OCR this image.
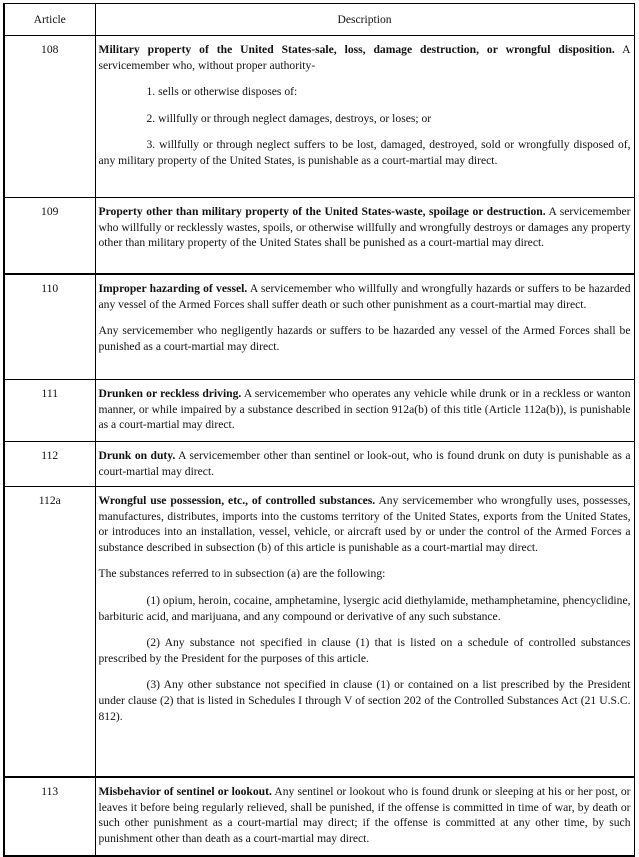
Article	Description
108	Military property of the United States-sale, loss, damage destruction, or wrongful disposition. A servicemember who, without proper authority-

1. sells or otherwise disposes of:

2. willfully or through neglect damages, destroys, or loses; or

3. willfully or through neglect suffers to be lost, damaged, destroyed, sold or wrongfully disposed of, any military property of the United States, is punishable as a court-martial may direct.

109	Property other than military property of the United States-waste, spoilage or destruction. A servicemember who willfully or recklessly wastes, spoils, or otherwise willfully and wrongfully destroys or damages any property other than military property of the United States shall be punished as a court-martial may direct.

110	Improper hazarding of vessel. A servicemember who willfully and wrongfully hazards or suffers to be hazarded any vessel of the Armed Forces shall suffer death or such other punishment as a court-martial may direct.

Any servicemember who negligently hazards or suffers to be hazarded any vessel of the Armed Forces shall be punished as a court-martial may direct.

111	Drunken or reckless driving. A servicemember who operates any vehicle while drunk or in a reckless or wanton manner, or while impaired by a substance described in section 912a(b) of this title (Article 112a(b)), is punishable as a court-martial may direct.

112	Drunk on duty. A servicemember other than sentinel or look-out, who is found drunk on duty is punishable as a court-martial may direct.

112a	Wrongful use possession, etc., of controlled substances. Any servicemember who wrongfully uses, possesses, manufactures, distributes, imports into the customs territory of the United States, exports from the United States, or introduces into an installation, vessel, vehicle, or aircraft used by or under the control of the Armed Forces a substance described in subsection (b) of this article is punishable as a court-martial may direct.

The substances referred to in subsection (a) are the following:

(1) opium, heroin, cocaine, amphetamine, lysergic acid diethylamide, methamphetamine, phencyclidine, barbituric acid, and marijuana, and any compound or derivative of any such substance.

(2) Any substance not specified in clause (1) that is listed on a schedule of controlled substances prescribed by the President for the purposes of this article.

(3) Any other substance not specified in clause (1) or contained on a list prescribed by the President under clause (2) that is listed in Schedules I through V of section 202 of the Controlled Substances Act (21 U.S.C. 812).

113	Misbehavior of sentinel or lookout. Any sentinel or lookout who is found drunk or sleeping at his or her post, or leaves it before being regularly relieved, shall be punished, if the offense is committed in time of war, by death or such other punishment as a court-martial may direct; if the offense is committed at any other time, by such punishment other than death as a court-martial may direct.
